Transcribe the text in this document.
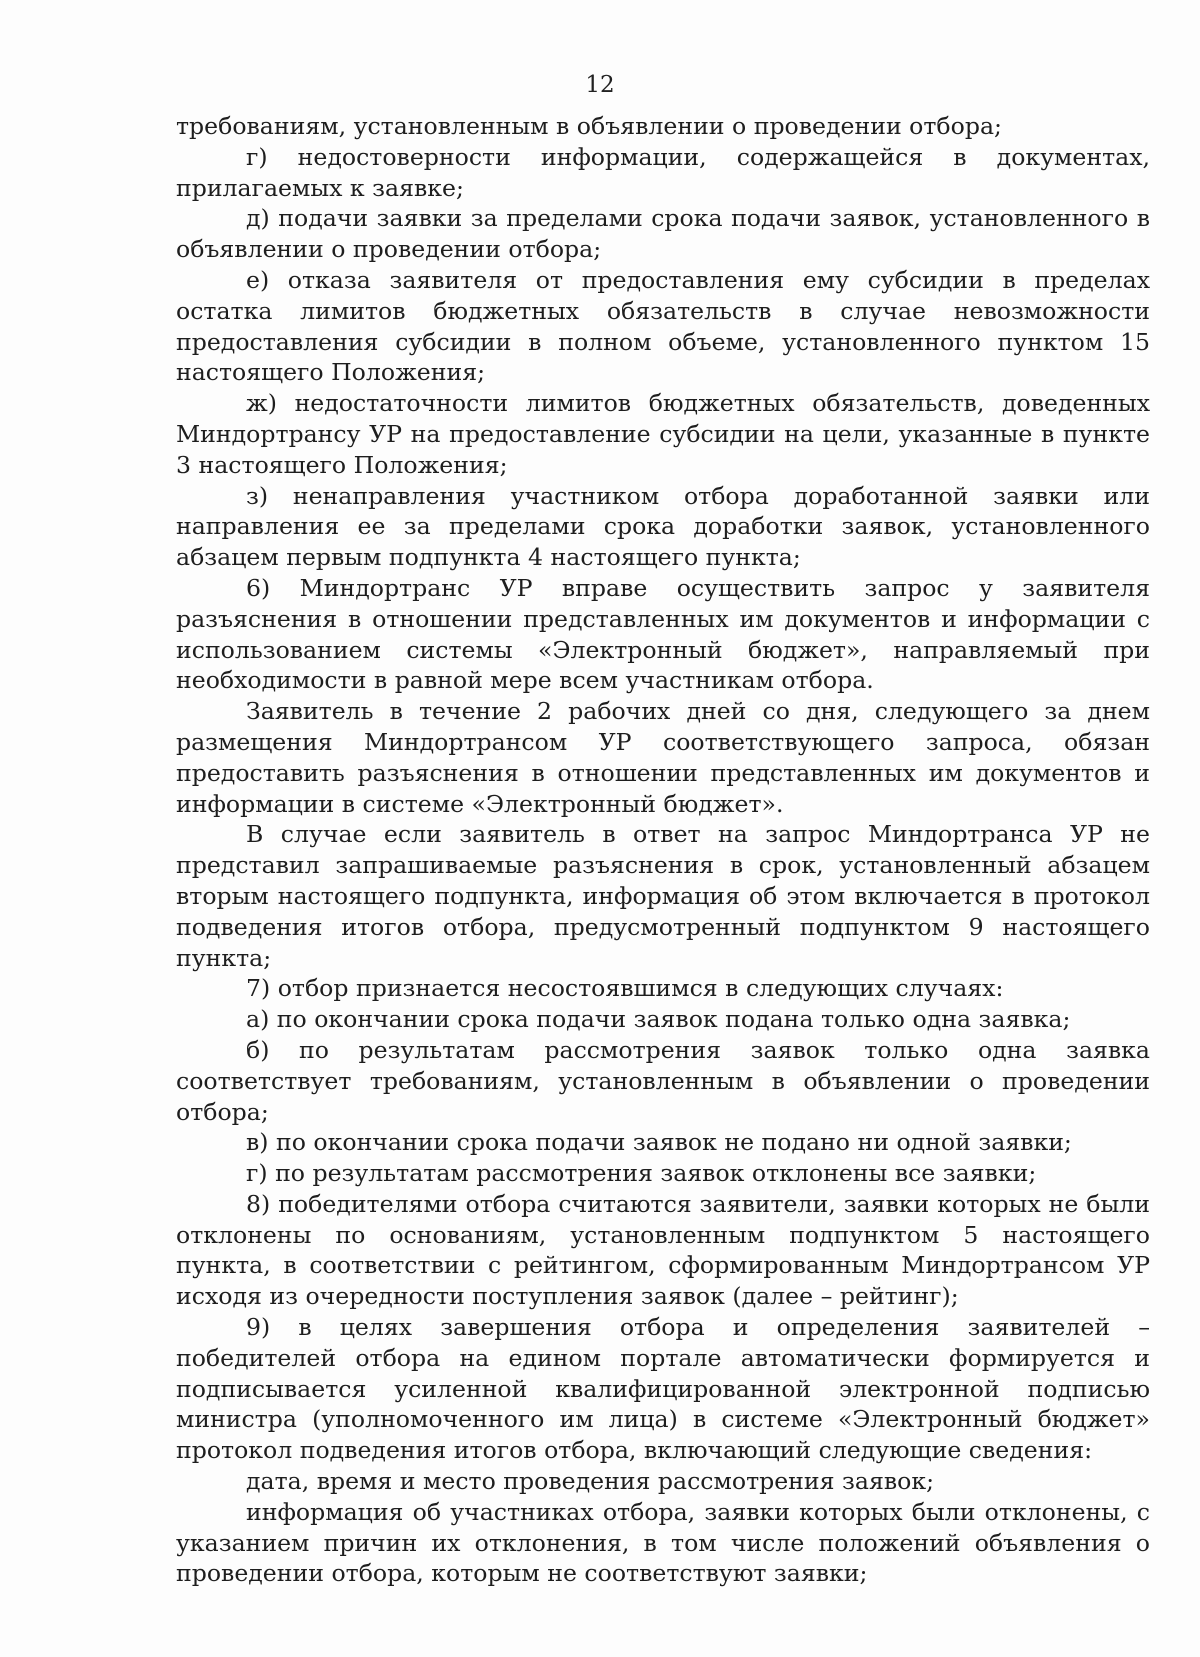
12

требованиям, установленным в объявлении о проведении отбора;

г) недостоверности информации, содержащейся в документах, прилагаемых к заявке;

д) подачи заявки за пределами срока подачи заявок, установленного в объявлении о проведении отбора;

е) отказа заявителя от предоставления ему субсидии в пределах остатка лимитов бюджетных обязательств в случае невозможности предоставления субсидии в полном объеме, установленного пунктом 15 настоящего Положения;

ж) недостаточности лимитов бюджетных обязательств, доведенных Миндортрансу УР на предоставление субсидии на цели, указанные в пункте 3 настоящего Положения;

з) ненаправления участником отбора доработанной заявки или направления ее за пределами срока доработки заявок, установленного абзацем первым подпункта 4 настоящего пункта;

6) Миндортранс УР вправе осуществить запрос у заявителя разъяснения в отношении представленных им документов и информации с использованием системы «Электронный бюджет», направляемый при необходимости в равной мере всем участникам отбора.

Заявитель в течение 2 рабочих дней со дня, следующего за днем размещения Миндортрансом УР соответствующего запроса, обязан предоставить разъяснения в отношении представленных им документов и информации в системе «Электронный бюджет».

В случае если заявитель в ответ на запрос Миндортранса УР не представил запрашиваемые разъяснения в срок, установленный абзацем вторым настоящего подпункта, информация об этом включается в протокол подведения итогов отбора, предусмотренный подпунктом 9 настоящего пункта;

7) отбор признается несостоявшимся в следующих случаях:

а) по окончании срока подачи заявок подана только одна заявка;

б) по результатам рассмотрения заявок только одна заявка соответствует требованиям, установленным в объявлении о проведении отбора;

в) по окончании срока подачи заявок не подано ни одной заявки;

г) по результатам рассмотрения заявок отклонены все заявки;

8) победителями отбора считаются заявители, заявки которых не были отклонены по основаниям, установленным подпунктом 5 настоящего пункта, в соответствии с рейтингом, сформированным Миндортрансом УР исходя из очередности поступления заявок (далее – рейтинг);

9) в целях завершения отбора и определения заявителей – победителей отбора на едином портале автоматически формируется и подписывается усиленной квалифицированной электронной подписью министра (уполномоченного им лица) в системе «Электронный бюджет» протокол подведения итогов отбора, включающий следующие сведения:

дата, время и место проведения рассмотрения заявок;

информация об участниках отбора, заявки которых были отклонены, с указанием причин их отклонения, в том числе положений объявления о проведении отбора, которым не соответствуют заявки;
